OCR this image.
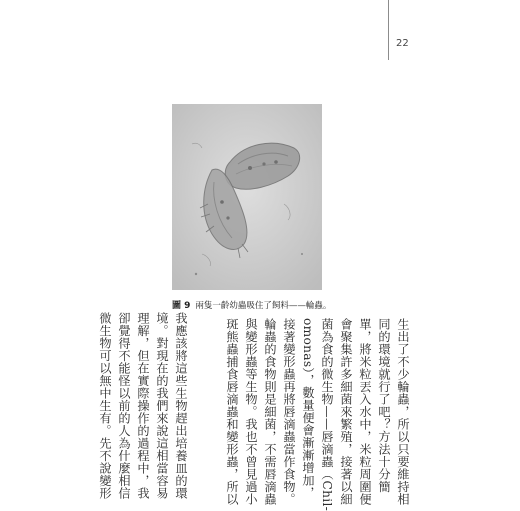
22
圖 9 兩隻一齡幼蟲吸住了飼料——輪蟲。
生出了不少輪蟲，所以只要維持相
同的環境就行了吧？方法十分簡
單，將米粒丟入水中，米粒周圍便
會聚集許多細菌來繁殖，接著以細
菌為食的微生物——唇滴蟲（Chil-
omonas），數量便會漸漸增加，
接著變形蟲再將唇滴蟲當作食物。
輪蟲的食物則是細菌，不需唇滴蟲
與變形蟲等生物。我也不曾見過小
斑熊蟲捕食唇滴蟲和變形蟲，所以
我應該將這些生物趕出培養皿的環
境。對現在的我們來說這相當容易
理解，但在實際操作的過程中，我
卻覺得不能怪以前的人為什麼相信
微生物可以無中生有。先不說變形
